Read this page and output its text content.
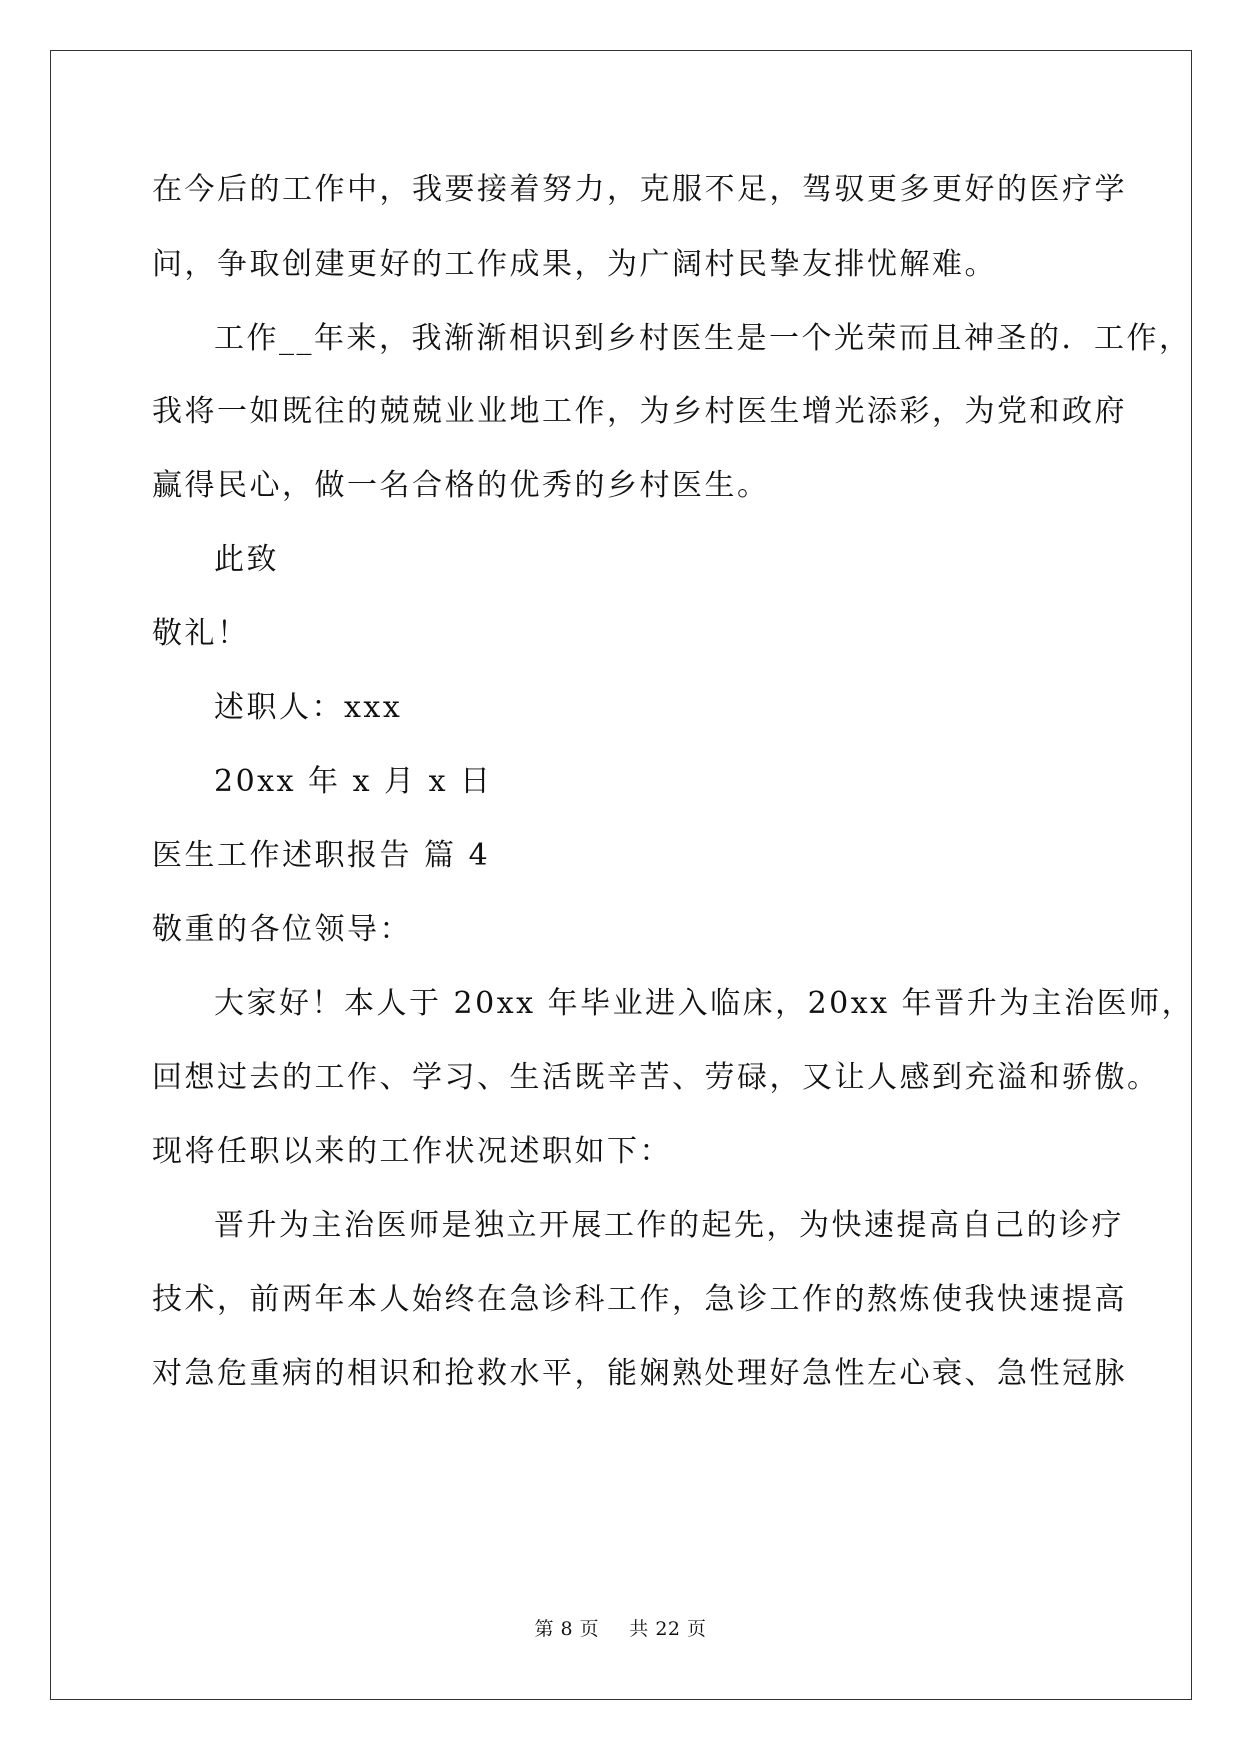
在今后的工作中，我要接着努力，克服不足，驾驭更多更好的医疗学
问，争取创建更好的工作成果，为广阔村民挚友排忧解难。
工作__年来，我渐渐相识到乡村医生是一个光荣而且神圣的．工作，
我将一如既往的兢兢业业地工作，为乡村医生增光添彩，为党和政府
赢得民心，做一名合格的优秀的乡村医生。
此致
敬礼！
述职人：xxx
20xx 年 x 月 x 日
医生工作述职报告 篇 4
敬重的各位领导：
大家好！本人于 20xx 年毕业进入临床，20xx 年晋升为主治医师，
回想过去的工作、学习、生活既辛苦、劳碌，又让人感到充溢和骄傲。
现将任职以来的工作状况述职如下：
晋升为主治医师是独立开展工作的起先，为快速提高自己的诊疗
技术，前两年本人始终在急诊科工作，急诊工作的熬炼使我快速提高
对急危重病的相识和抢救水平，能娴熟处理好急性左心衰、急性冠脉
第 8 页 共 22 页
